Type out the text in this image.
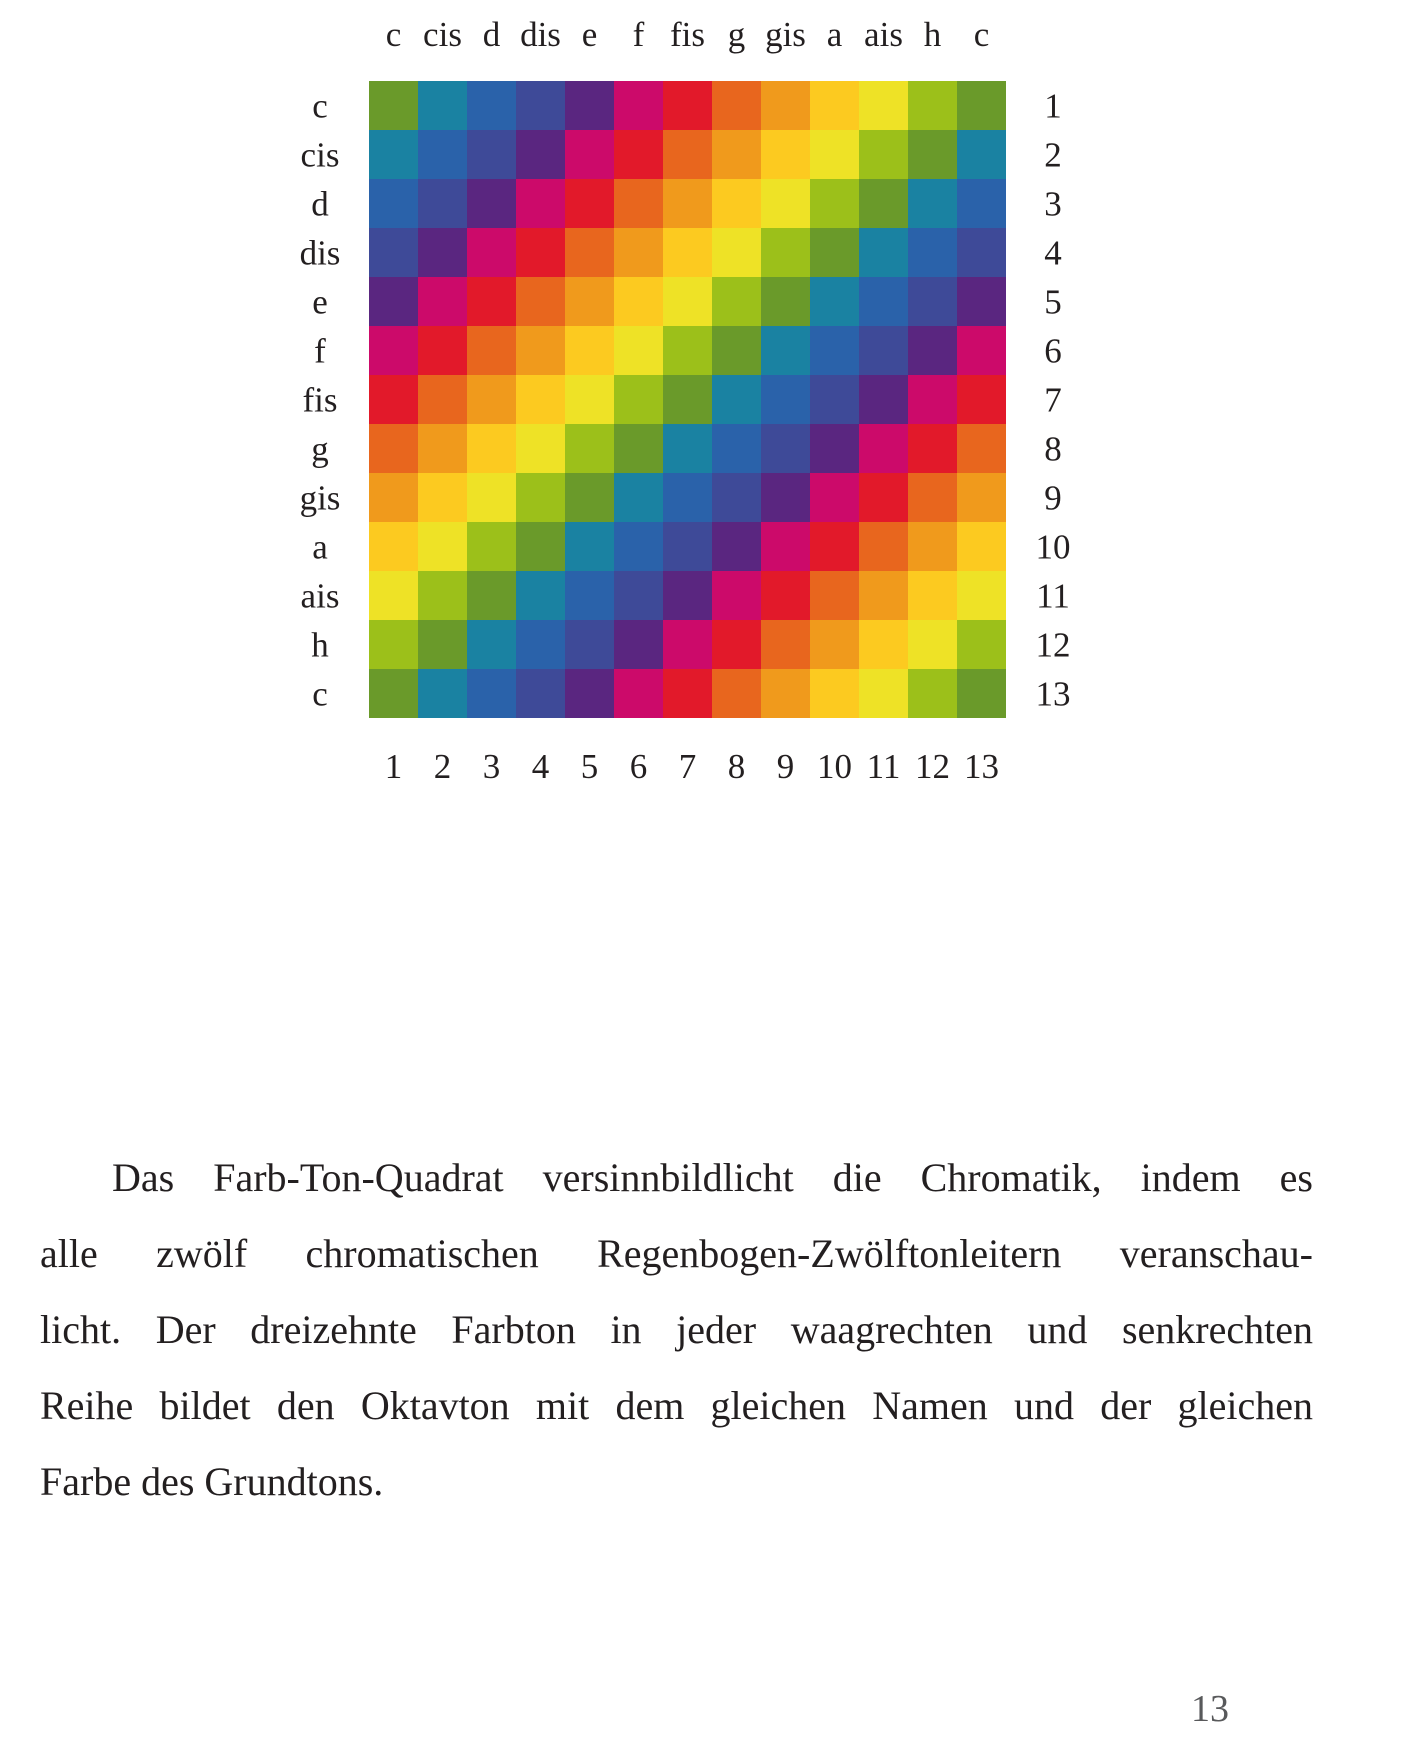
c cis d dis e f fis g gis a ais h c
c
cis
d
dis
e
f
fis
g
gis
a
ais
h
c
1
2
3
4
5
6
7
8
9
10
11
12
13
1 2 3 4 5 6 7 8 9 10 11 12 13
Das Farb-Ton-Quadrat versinnbildlicht die Chromatik, indem es
alle zwölf chromatischen Regenbogen-Zwölftonleitern veranschau-
licht. Der dreizehnte Farbton in jeder waagrechten und senkrechten
Reihe bildet den Oktavton mit dem gleichen Namen und der gleichen
Farbe des Grundtons.
13
